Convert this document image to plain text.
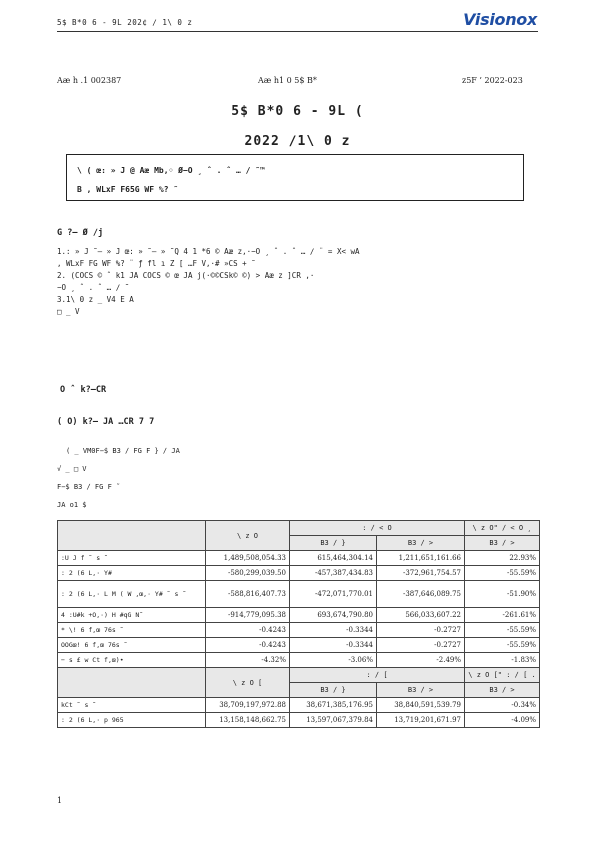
5$ B*0 6 - 9L 202¢ ∕ 1\ 0 z	Visionox
Aæ h .1 002387	Aæ h1 0 5$ B*	z5F ’ 2022-023
5$ B*0 6 - 9L (
2022 ∕1\ 0 z
\ ( œ: » J @ Aæ Mb,◦ Ø−O ¸ ˆ . ˆ … ∕ ˜™
B , WLxF F65G WF %? ˜
G ?– Ø ∕j
1.: » J ˜– » J œ: » ˜– » ˜Q 4 1 *6 © Aæ z,·−O ¸ ˆ . ˆ … ∕ ¨ = X< wA
, WLxF FG WF %? ¨ ƒ fl ı Z [ …F V,·# »CS + ˜
2. (COCS © ˆ k1 JA COCS © œ JA j(·©©CSk© ©) > Aæ z ]CR ,·
−O ¸ ˆ . ˆ … ∕ ˜
3.1\ 0 z _ V4 E A
□ _ V
O ˆ k?–CR
( O) k?– JA …CR 7 7
( _ VM0F−$ B3 ∕ FG F } ∕ JA
√ _ □ V
F−$ B3 ∕ FG F ˜
JA o1 $
	\ z O	: ∕ < O		\ z O" ∕ < O ¸
		B3 ∕ }	B3 ∕ >	B3 ∕ >
:U J f ˜ s ˜	1,489,508,054.33	615,464,304.14	1,211,651,161.66	22.93%
: 2 (6 L,· Y#	-580,299,039.50	-457,387,434.83	-372,961,754.57	-55.59%
: 2 (6 L,· L M ( W ,œ,· Y# ˜ s ˜	-588,816,407.73	-472,071,770.01	-387,646,089.75	-51.90%
4 :U#k +O,·) H #qG N˜	-914,779,095.38	693,674,790.80	566,033,607.22	-261.61%
* \! 6 f,œ 76s ˜	-0.4243	-0.3344	-0.2727	-55.59%
OOGœ! 6 f,œ 76s ˜	-0.4243	-0.3344	-0.2727	-55.59%
− s £ w Ct f,œ)•	-4.32%	-3.06%	-2.49%	-1.83%
	\ z O [	: ∕ [		\ z O [" : ∕ [ .
		B3 ∕ }	B3 ∕ >	B3 ∕ >
kCt ˜ s ˜	38,709,197,972.88	38,671,385,176.95	38,840,591,539.79	-0.34%
: 2 (6 L,· p 965	13,158,148,662.75	13,597,067,379.84	13,719,201,671.97	-4.09%
1
